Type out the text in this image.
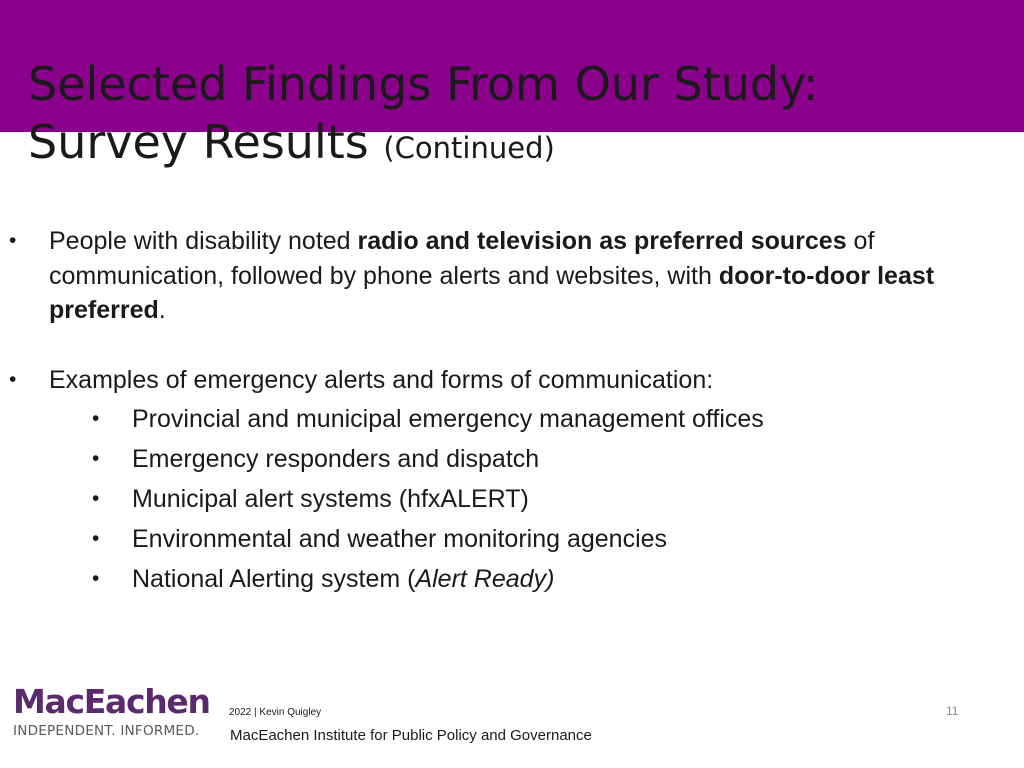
Selected Findings From Our Study:
Survey Results (Continued)

• People with disability noted radio and television as preferred sources of communication, followed by phone alerts and websites, with door-to-door least preferred.

• Examples of emergency alerts and forms of communication:
• Provincial and municipal emergency management offices
• Emergency responders and dispatch
• Municipal alert systems (hfxALERT)
• Environmental and weather monitoring agencies
• National Alerting system (Alert Ready)
MacEachen
INDEPENDENT. INFORMED.
2022 | Kevin Quigley
MacEachen Institute for Public Policy and Governance
11
